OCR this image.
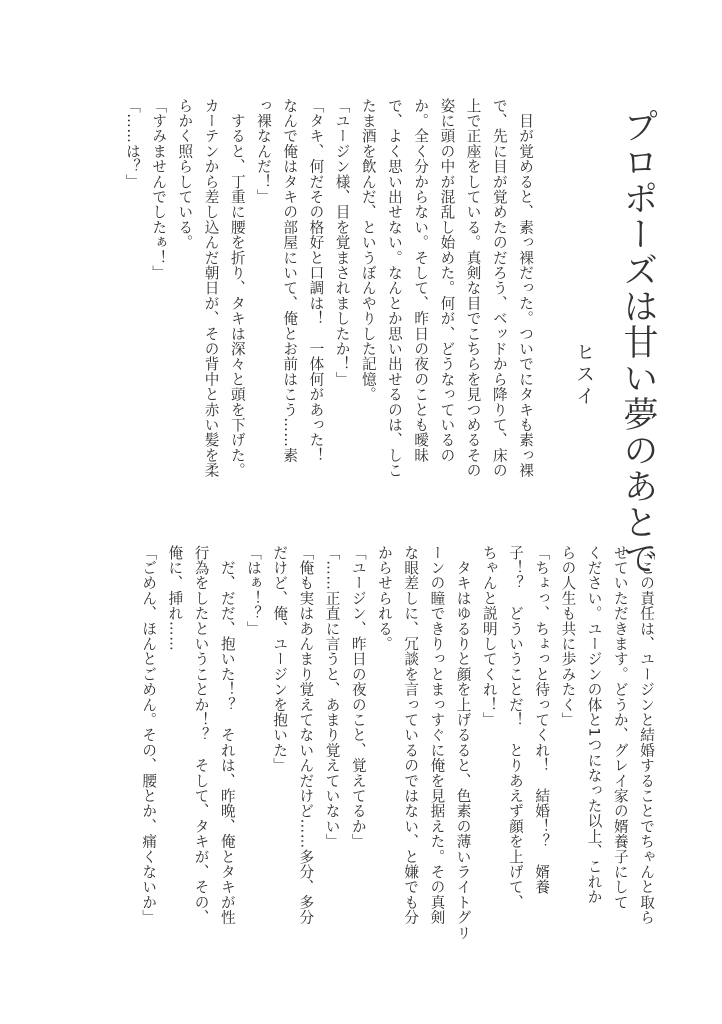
プロポーズは甘い夢のあとで
ヒスイ
　目が覚めると、素っ裸だった。ついでにタキも素っ裸
で、先に目が覚めたのだろう、ベッドから降りて、床の
上で正座をしている。真剣な目でこちらを見つめるその
姿に頭の中が混乱し始めた。何が、どうなっているの
か。全く分からない。そして、昨日の夜のことも曖昧
で、よく思い出せない。なんとか思い出せるのは、しこ
たま酒を飲んだ、というぼんやりした記憶。
「ユージン様、目を覚まされましたか！」
「タキ、何だその格好と口調は！　一体何があった！
なんで俺はタキの部屋にいて、俺とお前はこう……素
っ裸なんだ！」
　すると、丁重に腰を折り、タキは深々と頭を下げた。
カーテンから差し込んだ朝日が、その背中と赤い髪を柔
らかく照らしている。
「すみませんでしたぁ！」
「……は？」
「この責任は、ユージンと結婚することでちゃんと取ら
せていただきます。どうか、グレイ家の婿養子にして
ください。ユージンの体と1つになった以上、これか
らの人生も共に歩みたく」
「ちょっ、ちょっと待ってくれ！　結婚！？　婿養
子！？　どういうことだ！　とりあえず顔を上げて、
ちゃんと説明してくれ！」
　タキはゆるりと顔を上げるると、色素の薄いライトグリ
ーンの瞳できりっとまっすぐに俺を見据えた。その真剣
な眼差しに、冗談を言っているのではない、と嫌でも分
からせられる。
「ユージン、昨日の夜のこと、覚えてるか」
「……正直に言うと、あまり覚えていない」
「俺も実はあんまり覚えてないんだけど……多分、多分
だけど、俺、ユージンを抱いた」
「はぁ！？」
　だ、だだ、抱いた！？　それは、昨晩、俺とタキが性
行為をしたということか！？　そして、タキが、その、
俺に、挿れ……
「ごめん、ほんとごめん。その、腰とか、痛くないか」
